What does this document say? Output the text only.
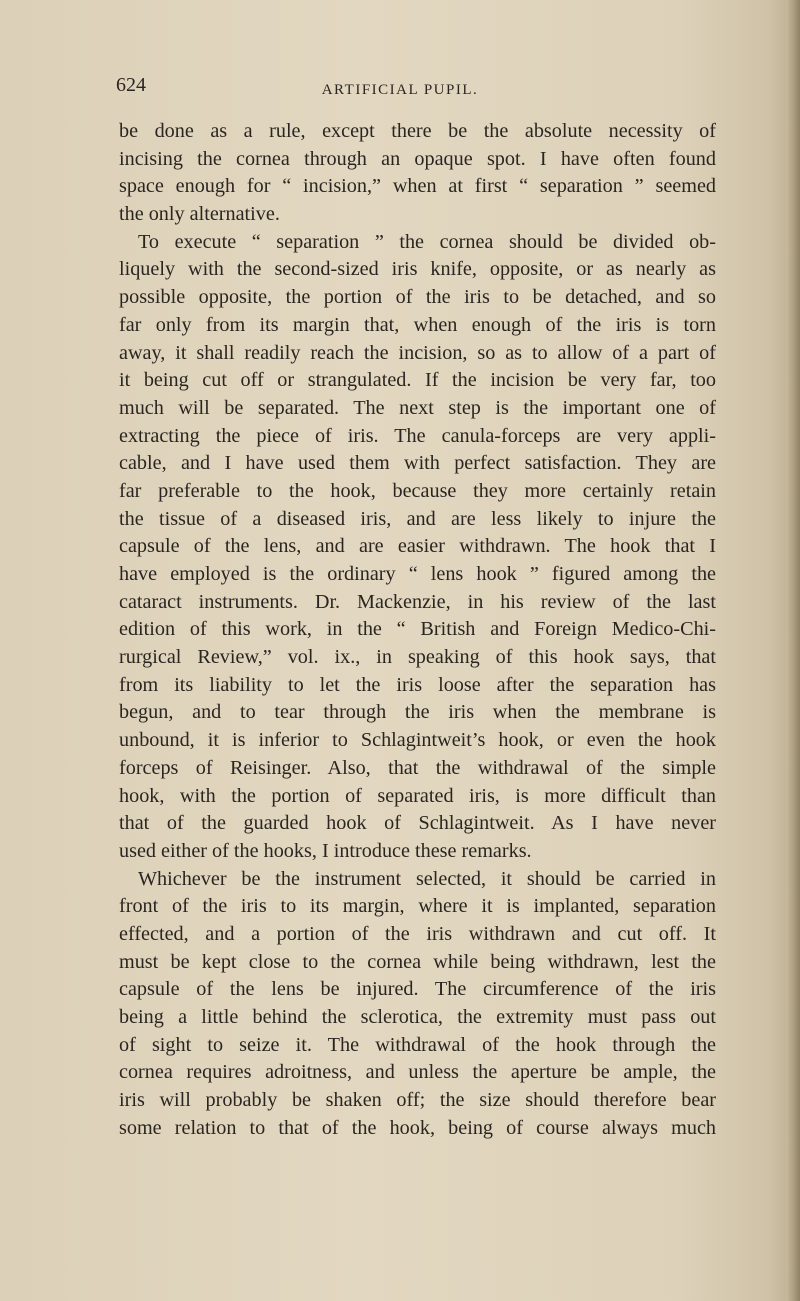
624	ARTIFICIAL PUPIL.

be done as a rule, except there be the absolute necessity of
incising the cornea through an opaque spot. I have often found
space enough for “ incision,” when at first “ separation ” seemed
the only alternative.
To execute “ separation ” the cornea should be divided ob-
liquely with the second-sized iris knife, opposite, or as nearly as
possible opposite, the portion of the iris to be detached, and so
far only from its margin that, when enough of the iris is torn
away, it shall readily reach the incision, so as to allow of a part of
it being cut off or strangulated. If the incision be very far, too
much will be separated. The next step is the important one of
extracting the piece of iris. The canula-forceps are very appli-
cable, and I have used them with perfect satisfaction. They are
far preferable to the hook, because they more certainly retain
the tissue of a diseased iris, and are less likely to injure the
capsule of the lens, and are easier withdrawn. The hook that I
have employed is the ordinary “ lens hook ” figured among the
cataract instruments. Dr. Mackenzie, in his review of the last
edition of this work, in the “ British and Foreign Medico-Chi-
rurgical Review,” vol. ix., in speaking of this hook says, that
from its liability to let the iris loose after the separation has
begun, and to tear through the iris when the membrane is
unbound, it is inferior to Schlagintweit’s hook, or even the hook
forceps of Reisinger. Also, that the withdrawal of the simple
hook, with the portion of separated iris, is more difficult than
that of the guarded hook of Schlagintweit. As I have never
used either of the hooks, I introduce these remarks.
Whichever be the instrument selected, it should be carried in
front of the iris to its margin, where it is implanted, separation
effected, and a portion of the iris withdrawn and cut off. It
must be kept close to the cornea while being withdrawn, lest the
capsule of the lens be injured. The circumference of the iris
being a little behind the sclerotica, the extremity must pass out
of sight to seize it. The withdrawal of the hook through the
cornea requires adroitness, and unless the aperture be ample, the
iris will probably be shaken off; the size should therefore bear
some relation to that of the hook, being of course always much
